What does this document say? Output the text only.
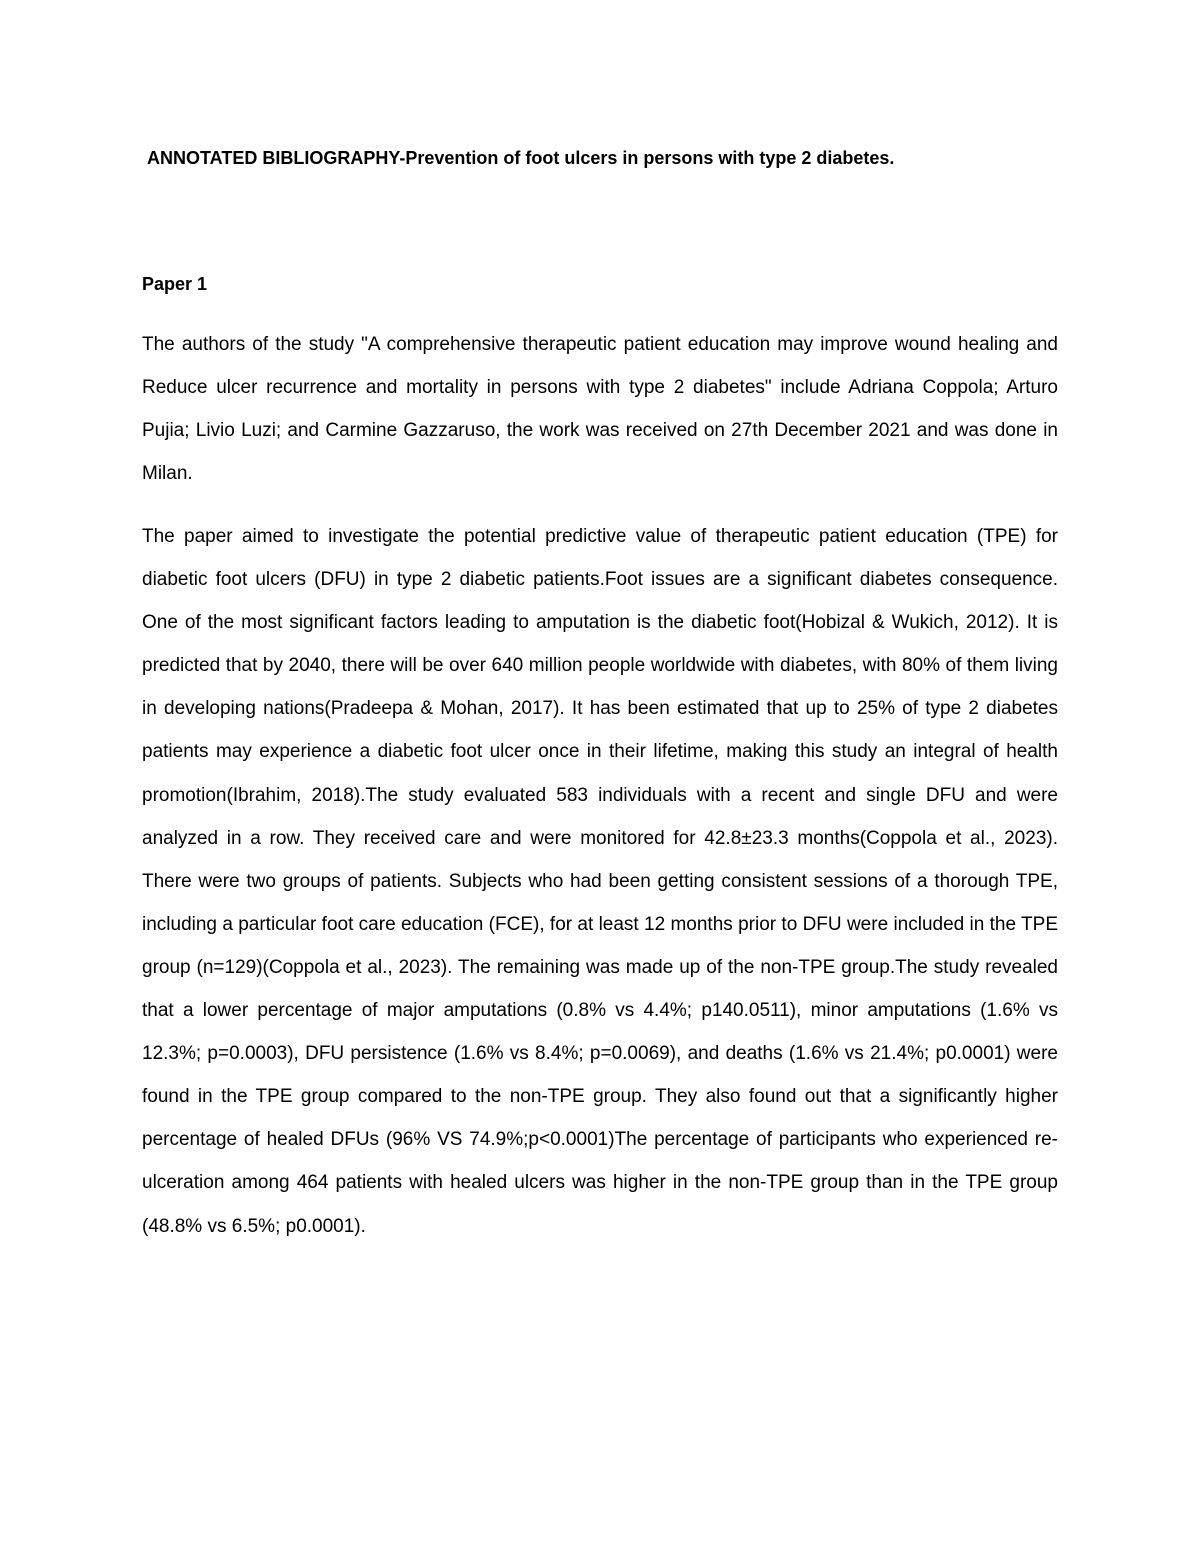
ANNOTATED BIBLIOGRAPHY-Prevention of foot ulcers in persons with type 2 diabetes.
Paper 1

The authors of the study "A comprehensive therapeutic patient education may improve wound healing and Reduce ulcer recurrence and mortality in persons with type 2 diabetes" include Adriana Coppola; Arturo Pujia; Livio Luzi; and Carmine Gazzaruso, the work was received on 27th December 2021 and was done in Milan.

The paper aimed to investigate the potential predictive value of therapeutic patient education (TPE) for diabetic foot ulcers (DFU) in type 2 diabetic patients.Foot issues are a significant diabetes consequence. One of the most significant factors leading to amputation is the diabetic foot(Hobizal & Wukich, 2012). It is predicted that by 2040, there will be over 640 million people worldwide with diabetes, with 80% of them living in developing nations(Pradeepa & Mohan, 2017). It has been estimated that up to 25% of type 2 diabetes patients may experience a diabetic foot ulcer once in their lifetime, making this study an integral of health promotion(Ibrahim, 2018).The study evaluated 583 individuals with a recent and single DFU and were analyzed in a row. They received care and were monitored for 42.8±23.3 months(Coppola et al., 2023). There were two groups of patients. Subjects who had been getting consistent sessions of a thorough TPE, including a particular foot care education (FCE), for at least 12 months prior to DFU were included in the TPE group (n=129)(Coppola et al., 2023). The remaining was made up of the non-TPE group.The study revealed that a lower percentage of major amputations (0.8% vs 4.4%; p140.0511), minor amputations (1.6% vs 12.3%; p=0.0003), DFU persistence (1.6% vs 8.4%; p=0.0069), and deaths (1.6% vs 21.4%; p0.0001) were found in the TPE group compared to the non-TPE group. They also found out that a significantly higher percentage of healed DFUs (96% VS 74.9%;p<0.0001)The percentage of participants who experienced re-ulceration among 464 patients with healed ulcers was higher in the non-TPE group than in the TPE group (48.8% vs 6.5%; p0.0001).
